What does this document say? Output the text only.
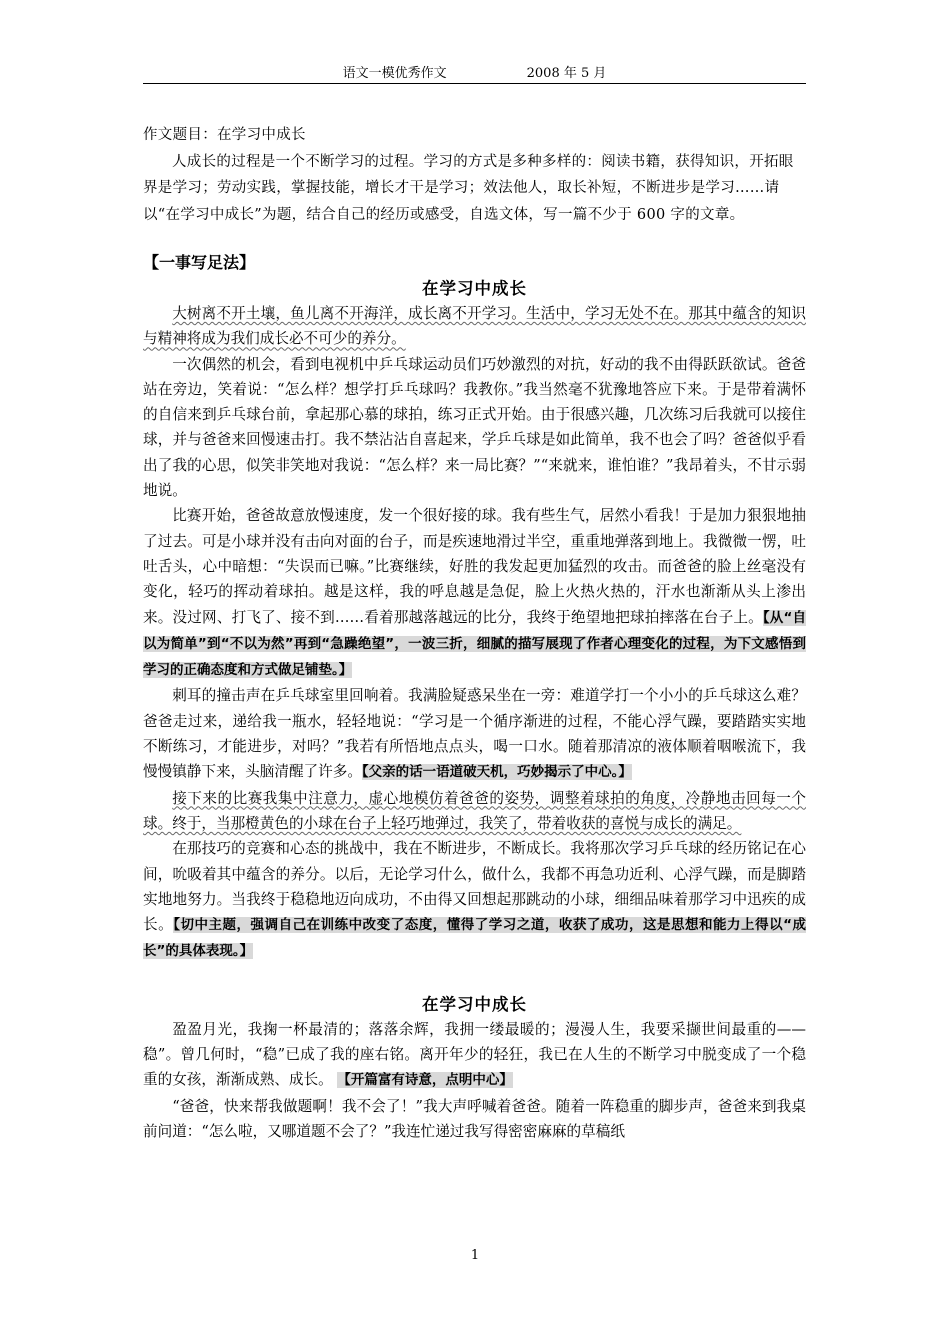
语文一模优秀作文	2008 年 5 月

作文题目：在学习中成长

人成长的过程是一个不断学习的过程。学习的方式是多种多样的：阅读书籍，获得知识，开拓眼界是学习；劳动实践，掌握技能，增长才干是学习；效法他人，取长补短，不断进步是学习……请以“在学习中成长”为题，结合自己的经历或感受，自选文体，写一篇不少于 600 字的文章。

【一事写足法】
在学习中成长

大树离不开土壤，鱼儿离不开海洋，成长离不开学习。生活中，学习无处不在。那其中蕴含的知识与精神将成为我们成长必不可少的养分。

一次偶然的机会，看到电视机中乒乓球运动员们巧妙激烈的对抗，好动的我不由得跃跃欲试。爸爸站在旁边，笑着说：“怎么样？想学打乒乓球吗？我教你。”我当然毫不犹豫地答应下来。于是带着满怀的自信来到乒乓球台前，拿起那心慕的球拍，练习正式开始。由于很感兴趣，几次练习后我就可以接住球，并与爸爸来回慢速击打。我不禁沾沾自喜起来，学乒乓球是如此简单，我不也会了吗？爸爸似乎看出了我的心思，似笑非笑地对我说：“怎么样？来一局比赛？”“来就来，谁怕谁？”我昂着头，不甘示弱地说。

比赛开始，爸爸故意放慢速度，发一个很好接的球。我有些生气，居然小看我！于是加力狠狠地抽了过去。可是小球并没有击向对面的台子，而是疾速地滑过半空，重重地弹落到地上。我微微一愣，吐吐舌头，心中暗想：“失误而已嘛。”比赛继续，好胜的我发起更加猛烈的攻击。而爸爸的脸上丝毫没有变化，轻巧的挥动着球拍。越是这样，我的呼息越是急促，脸上火热火热的，汗水也渐渐从头上渗出来。没过网、打飞了、接不到……看着那越落越远的比分，我终于绝望地把球拍摔落在台子上。【从“自以为简单”到“不以为然”再到“急躁绝望”，一波三折，细腻的描写展现了作者心理变化的过程，为下文感悟到学习的正确态度和方式做足铺垫。】

刺耳的撞击声在乒乓球室里回响着。我满脸疑惑呆坐在一旁：难道学打一个小小的乒乓球这么难？爸爸走过来，递给我一瓶水，轻轻地说：“学习是一个循序渐进的过程，不能心浮气躁，要踏踏实实地不断练习，才能进步，对吗？”我若有所悟地点点头，喝一口水。随着那清凉的液体顺着咽喉流下，我慢慢镇静下来，头脑清醒了许多。【父亲的话一语道破天机，巧妙揭示了中心。】

接下来的比赛我集中注意力，虚心地模仿着爸爸的姿势，调整着球拍的角度，冷静地击回每一个球。终于，当那橙黄色的小球在台子上轻巧地弹过，我笑了，带着收获的喜悦与成长的满足。

在那技巧的竞赛和心态的挑战中，我在不断进步，不断成长。我将那次学习乒乓球的经历铭记在心间，吮吸着其中蕴含的养分。以后，无论学习什么，做什么，我都不再急功近利、心浮气躁，而是脚踏实地地努力。当我终于稳稳地迈向成功，不由得又回想起那跳动的小球，细细品味着那学习中迅疾的成长。【切中主题，强调自己在训练中改变了态度，懂得了学习之道，收获了成功，这是思想和能力上得以“成长”的具体表现。】

在学习中成长

盈盈月光，我掬一杯最清的；落落余辉，我拥一缕最暖的；漫漫人生，我要采撷世间最重的——稳”。曾几何时，“稳”已成了我的座右铭。离开年少的轻狂，我已在人生的不断学习中脱变成了一个稳重的女孩，渐渐成熟、成长。 【开篇富有诗意，点明中心】

“爸爸，快来帮我做题啊！我不会了！”我大声呼喊着爸爸。随着一阵稳重的脚步声，爸爸来到我桌前问道：“怎么啦，又哪道题不会了？”我连忙递过我写得密密麻麻的草稿纸

1
